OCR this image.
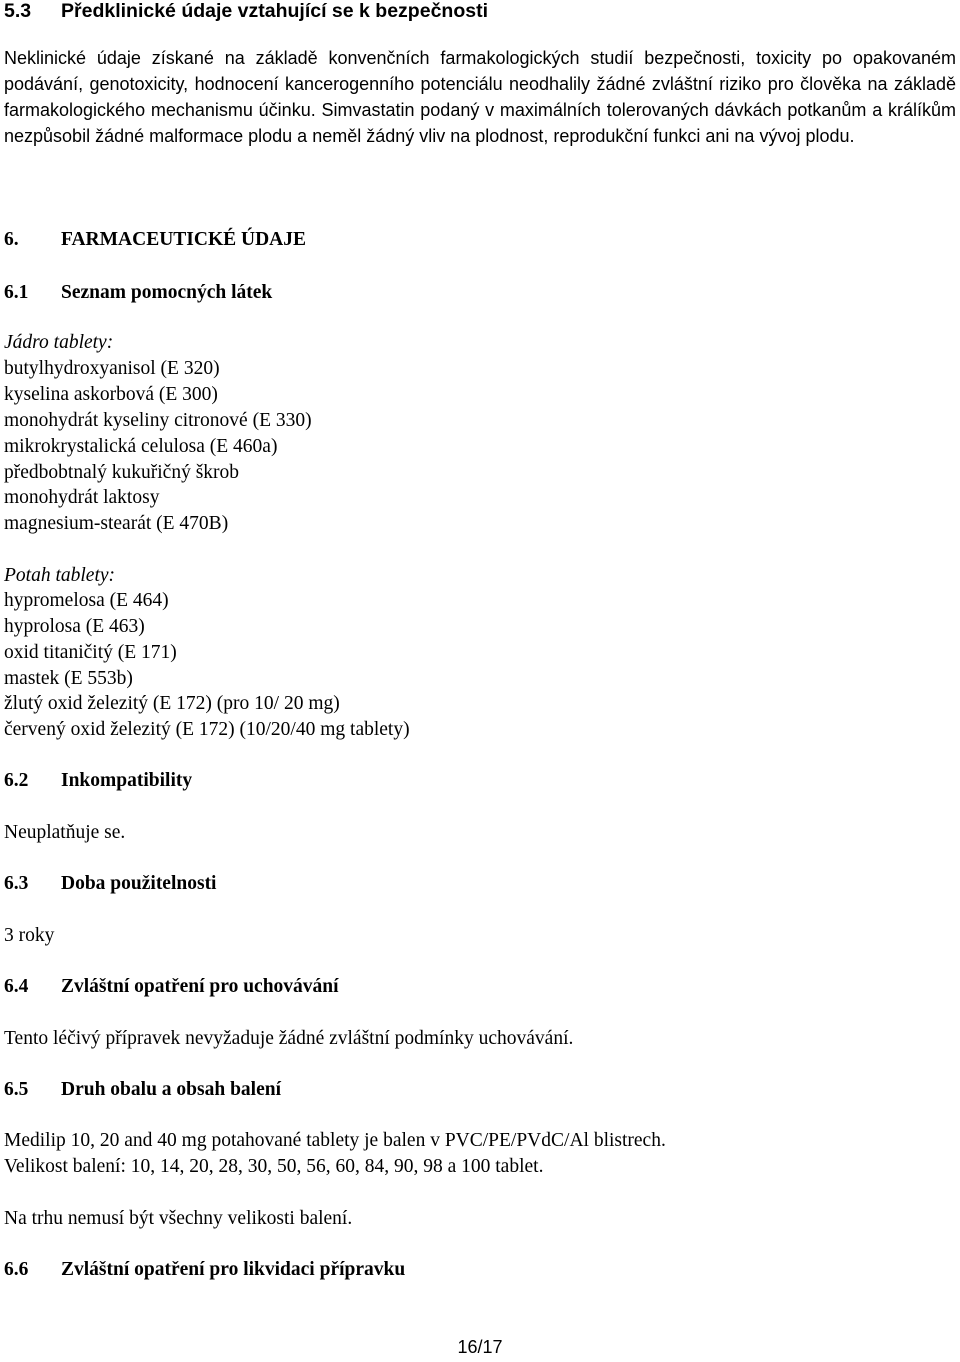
5.3 Předklinické údaje vztahující se k bezpečnosti

Neklinické údaje získané na základě konvenčních farmakologických studií bezpečnosti, toxicity po opakovaném podávání, genotoxicity, hodnocení kancerogenního potenciálu neodhalily žádné zvláštní riziko pro člověka na základě farmakologického mechanismu účinku. Simvastatin podaný v maximálních tolerovaných dávkách potkanům a králíkům nezpůsobil žádné malformace plodu a neměl žádný vliv na plodnost, reprodukční funkci ani na vývoj plodu.

6. FARMACEUTICKÉ ÚDAJE
6.1 Seznam pomocných látek
Jádro tablety:
butylhydroxyanisol (E 320)
kyselina askorbová (E 300)
monohydrát kyseliny citronové (E 330)
mikrokrystalická celulosa (E 460a)
předbobtnalý kukuřičný škrob
monohydrát laktosy
magnesium-stearát (E 470B)
Potah tablety:
hypromelosa (E 464)
hyprolosa (E 463)
oxid titaničitý (E 171)
mastek (E 553b)
žlutý oxid železitý (E 172) (pro 10/ 20 mg)
červený oxid železitý (E 172) (10/20/40 mg tablety)
6.2 Inkompatibility
Neuplatňuje se.
6.3 Doba použitelnosti
3 roky
6.4 Zvláštní opatření pro uchovávání
Tento léčivý přípravek nevyžaduje žádné zvláštní podmínky uchovávání.
6.5 Druh obalu a obsah balení
Medilip 10, 20 and 40 mg potahované tablety je balen v PVC/PE/PVdC/Al blistrech.
Velikost balení: 10, 14, 20, 28, 30, 50, 56, 60, 84, 90, 98 a 100 tablet.
Na trhu nemusí být všechny velikosti balení.
6.6 Zvláštní opatření pro likvidaci přípravku
16/17
